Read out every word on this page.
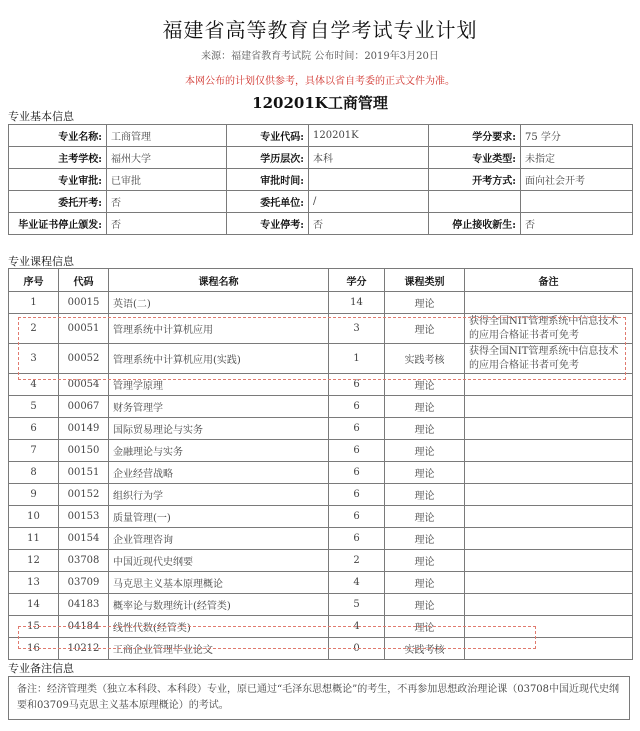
福建省高等教育自学考试专业计划
来源：福建省教育考试院 公布时间：2019年3月20日
本网公布的计划仅供参考，具体以省自考委的正式文件为准。
120201K工商管理
专业基本信息
专业名称:	工商管理	专业代码:	120201K	学分要求:	75 学分
主考学校:	福州大学	学历层次:	本科	专业类型:	未指定
专业审批:	已审批	审批时间:		开考方式:	面向社会开考
委托开考:	否	委托单位:	/		
毕业证书停止颁发:	否	专业停考:	否	停止接收新生:	否
专业课程信息
序号	代码	课程名称	学分	课程类别	备注
1	00015	英语(二)	14	理论	
2	00051	管理系统中计算机应用	3	理论	获得全国NIT管理系统中信息技术的应用合格证书者可免考
3	00052	管理系统中计算机应用(实践)	1	实践考核	获得全国NIT管理系统中信息技术的应用合格证书者可免考
4	00054	管理学原理	6	理论	
5	00067	财务管理学	6	理论	
6	00149	国际贸易理论与实务	6	理论	
7	00150	金融理论与实务	6	理论	
8	00151	企业经营战略	6	理论	
9	00152	组织行为学	6	理论	
10	00153	质量管理(一)	6	理论	
11	00154	企业管理咨询	6	理论	
12	03708	中国近现代史纲要	2	理论	
13	03709	马克思主义基本原理概论	4	理论	
14	04183	概率论与数理统计(经管类)	5	理论	
15	04184	线性代数(经管类)	4	理论	
16	10212	工商企业管理毕业论文	0	实践考核	
专业备注信息
备注：经济管理类（独立本科段、本科段）专业，原已通过“毛泽东思想概论”的考生，不再参加思想政治理论课（03708中国近现代史纲要和03709马克思主义基本原理概论）的考试。
